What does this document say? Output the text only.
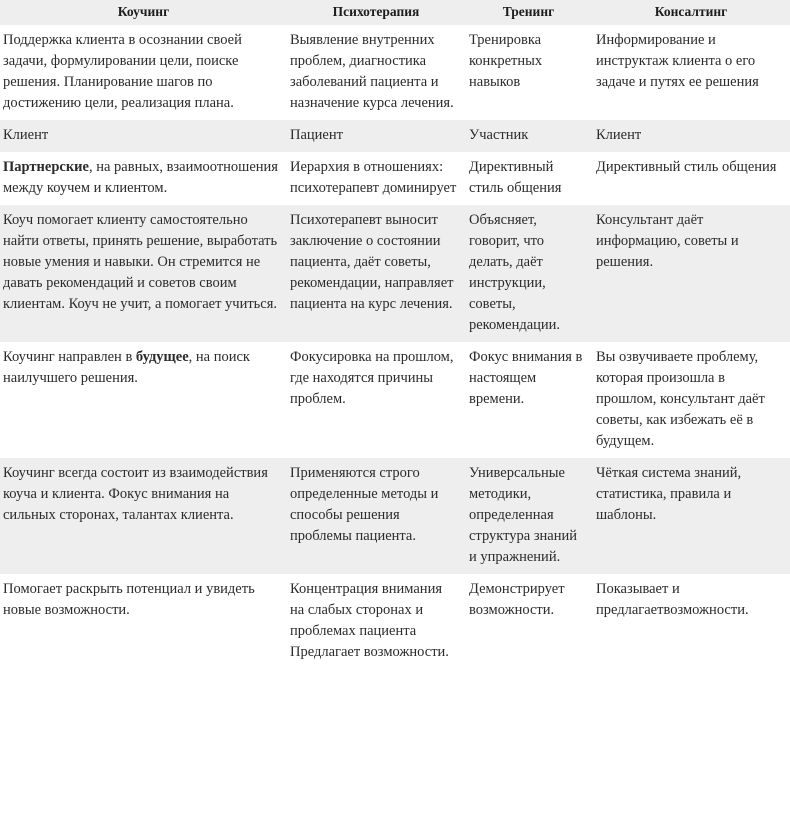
Коучинг	Психотерапия	Тренинг	Консалтинг
Поддержка клиента в осознании своей задачи, формулировании цели, поиске решения. Планирование шагов по достижению цели, реализация плана.	Выявление внутренних проблем, диагностика заболеваний пациента и назначение курса лечения.	Тренировка конкретных навыков	Информирование и инструктаж клиента о его задаче и путях ее решения
Клиент	Пациент	Участник	Клиент
Партнерские, на равных, взаимоотношения между коучем и клиентом.	Иерархия в отношениях: психотерапевт доминирует	Директивный стиль общения	Директивный стиль общения
Коуч помогает клиенту самостоятельно найти ответы, принять решение, выработать новые умения и навыки. Он стремится не давать рекомендаций и советов своим клиентам. Коуч не учит, а помогает учиться.	Психотерапевт выносит заключение о состоянии пациента, даёт советы, рекомендации, направляет пациента на курс лечения.	Объясняет, говорит, что делать, даёт инструкции, советы, рекомендации.	Консультант даёт информацию, советы и решения.
Коучинг направлен в будущее, на поиск наилучшего решения.	Фокусировка на прошлом, где находятся причины проблем.	Фокус внимания в настоящем времени.	Вы озвучиваете проблему, которая произошла в прошлом, консультант даёт советы, как избежать её в будущем.
Коучинг всегда состоит из взаимодействия коуча и клиента. Фокус внимания на сильных сторонах, талантах клиента.	Применяются строго определенные методы и способы решения проблемы пациента.	Универсальные методики, определенная структура знаний и упражнений.	Чёткая система знаний, статистика, правила и шаблоны.
Помогает раскрыть потенциал и увидеть новые возможности.	Концентрация внимания на слабых сторонах и проблемах пациента Предлагает возможности.	Демонстрирует возможности.	Показывает и предлагаетвозможности.
